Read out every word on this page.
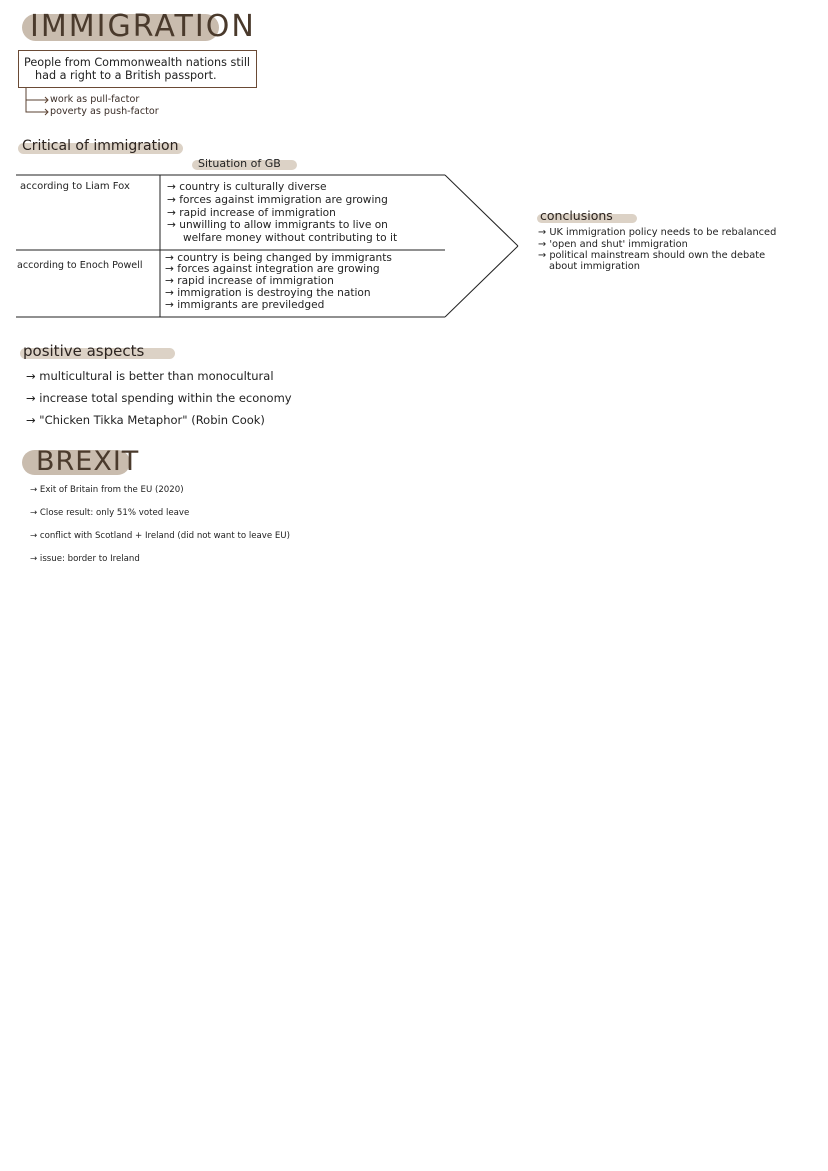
IMMIGRATION
People from Commonwealth nations still
had a right to a British passport.
work as pull-factor
poverty as push-factor
Critical of immigration
Situation of GB
according to Liam Fox	→ country is culturally diverse
→ forces against immigration are growing
→ rapid increase of immigration
→ unwilling to allow immigrants to live on
welfare money without contributing to it
according to Enoch Powell
→ country is being changed by immigrants
→ forces against integration are growing
→ rapid increase of immigration
→ immigration is destroying the nation
→ immigrants are previledged
conclusions
→ UK immigration policy needs to be rebalanced
→ 'open and shut' immigration
→ political mainstream should own the debate
about immigration
positive aspects
→ multicultural is better than monocultural
→ increase total spending within the economy
→ "Chicken Tikka Metaphor" (Robin Cook)
BREXIT
→ Exit of Britain from the EU (2020)
→ Close result: only 51% voted leave
→ conflict with Scotland + Ireland (did not want to leave EU)
→ issue: border to Ireland
